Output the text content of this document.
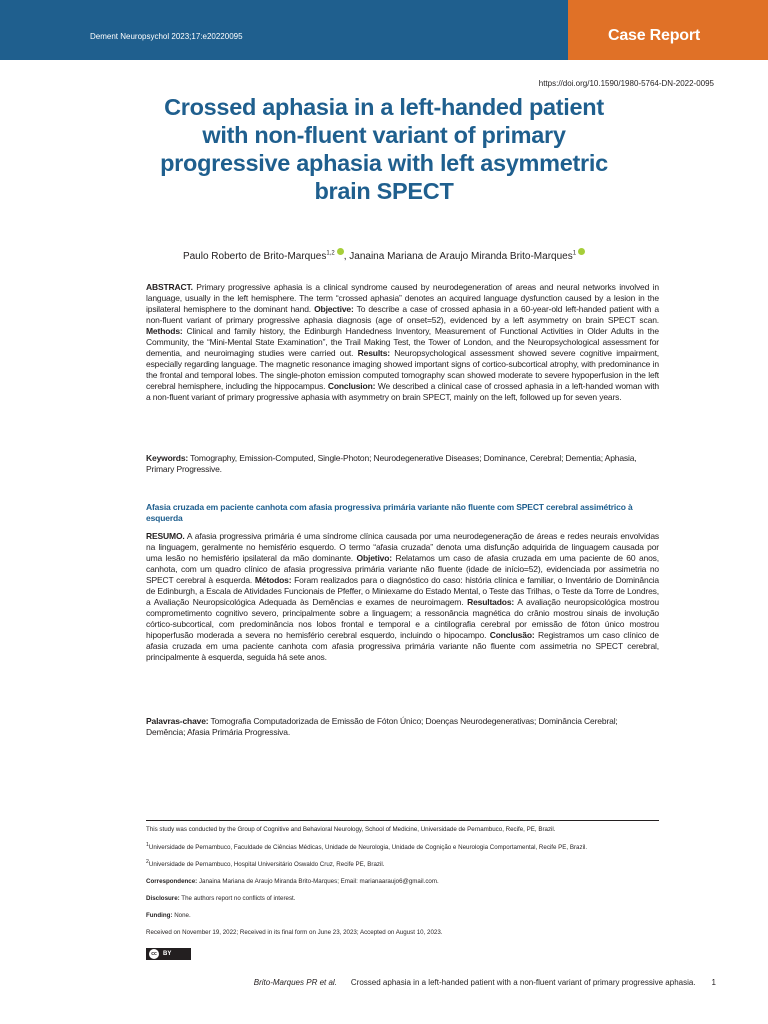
Dement Neuropsychol 2023;17:e20220095	Case Report
https://doi.org/10.1590/1980-5764-DN-2022-0095
Crossed aphasia in a left-handed patient with non-fluent variant of primary progressive aphasia with left asymmetric brain SPECT
Paulo Roberto de Brito-Marques$^{1,2}$ , Janaina Mariana de Araujo Miranda Brito-Marques$^1$

ABSTRACT. Primary progressive aphasia is a clinical syndrome caused by neurodegeneration of areas and neural networks involved in language, usually in the left hemisphere. The term “crossed aphasia” denotes an acquired language dysfunction caused by a lesion in the ipsilateral hemisphere to the dominant hand. Objective: To describe a case of crossed aphasia in a 60-year-old left-handed patient with a non-fluent variant of primary progressive aphasia diagnosis (age of onset=52), evidenced by a left asymmetry on brain SPECT scan. Methods: Clinical and family history, the Edinburgh Handedness Inventory, Measurement of Functional Activities in Older Adults in the Community, the “Mini-Mental State Examination”, the Trail Making Test, the Tower of London, and the Neuropsychological assessment for dementia, and neuroimaging studies were carried out. Results: Neuropsychological assessment showed severe cognitive impairment, especially regarding language. The magnetic resonance imaging showed important signs of cortico-subcortical atrophy, with predominance in the frontal and temporal lobes. The single-photon emission computed tomography scan showed moderate to severe hypoperfusion in the left cerebral hemisphere, including the hippocampus. Conclusion: We described a clinical case of crossed aphasia in a left-handed woman with a non-fluent variant of primary progressive aphasia with asymmetry on brain SPECT, mainly on the left, followed up for seven years.

Keywords: Tomography, Emission-Computed, Single-Photon; Neurodegenerative Diseases; Dominance, Cerebral; Dementia; Aphasia, Primary Progressive.

Afasia cruzada em paciente canhota com afasia progressiva primária variante não fluente com SPECT cerebral assimétrico à esquerda

RESUMO. A afasia progressiva primária é uma síndrome clínica causada por uma neurodegeneração de áreas e redes neurais envolvidas na linguagem, geralmente no hemisfério esquerdo. O termo “afasia cruzada” denota uma disfunção adquirida de linguagem causada por uma lesão no hemisfério ipsilateral da mão dominante. Objetivo: Relatamos um caso de afasia cruzada em uma paciente de 60 anos, canhota, com um quadro clínico de afasia progressiva primária variante não fluente (idade de início=52), evidenciada por assimetria no SPECT cerebral à esquerda. Métodos: Foram realizados para o diagnóstico do caso: história clínica e familiar, o Inventário de Dominância de Edinburgh, a Escala de Atividades Funcionais de Pfeffer, o Miniexame do Estado Mental, o Teste das Trilhas, o Teste da Torre de Londres, a Avaliação Neuropsicológica Adequada às Demências e exames de neuroimagem. Resultados: A avaliação neuropsicológica mostrou comprometimento cognitivo severo, principalmente sobre a linguagem; a ressonância magnética do crânio mostrou sinais de involução córtico-subcortical, com predominância nos lobos frontal e temporal e a cintilografia cerebral por emissão de fóton único mostrou hipoperfusão moderada a severa no hemisfério cerebral esquerdo, incluindo o hipocampo. Conclusão: Registramos um caso clínico de afasia cruzada em uma paciente canhota com afasia progressiva primária variante não fluente com assimetria no SPECT cerebral, principalmente à esquerda, seguida há sete anos.

Palavras-chave: Tomografia Computadorizada de Emissão de Fóton Único; Doenças Neurodegenerativas; Dominância Cerebral; Demência; Afasia Primária Progressiva.

This study was conducted by the Group of Cognitive and Behavioral Neurology, School of Medicine, Universidade de Pernambuco, Recife, PE, Brazil.

$^1$Universidade de Pernambuco, Faculdade de Ciências Médicas, Unidade de Neurologia, Unidade de Cognição e Neurologia Comportamental, Recife PE, Brazil.

$^2$Universidade de Pernambuco, Hospital Universitário Oswaldo Cruz, Recife PE, Brazil.

Correspondence: Janaina Mariana de Araujo Miranda Brito-Marques; Email: marianaaraujo6@gmail.com.

Disclosure: The authors report no conflicts of interest.

Funding: None.

Received on November 19, 2022; Received in its final form on June 23, 2023; Accepted on August 10, 2023.

cc	BY
Brito-Marques PR et al. Crossed aphasia in a left-handed patient with a non-fluent variant of primary progressive aphasia. 1
